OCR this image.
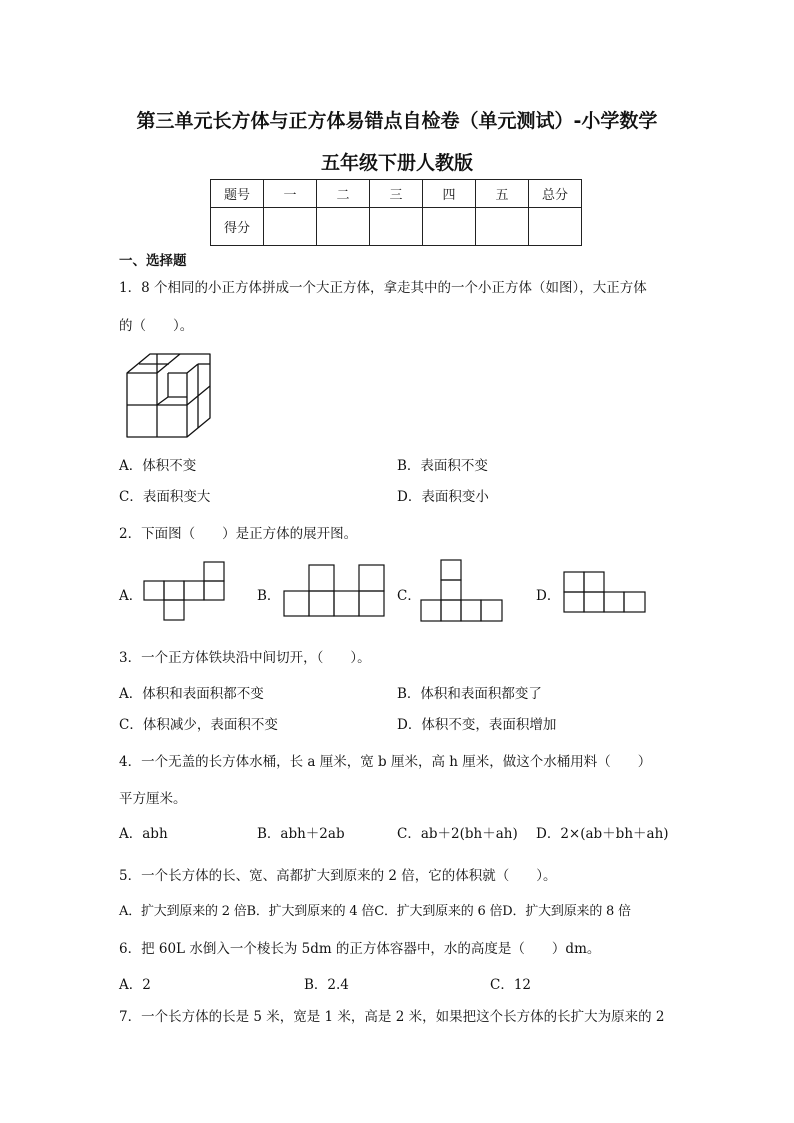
第三单元长方体与正方体易错点自检卷（单元测试）-小学数学
五年级下册人教版
题号	一	二	三	四	五	总分
得分						
一、选择题
1．8 个相同的小正方体拼成一个大正方体，拿走其中的一个小正方体（如图），大正方体
的（　　）。
A．体积不变	B．表面积不变
C．表面积变大	D．表面积变小
2．下面图（　　）是正方体的展开图。
A．	B．	C．	D．
3．一个正方体铁块沿中间切开，（　　）。
A．体积和表面积都不变	B．体积和表面积都变了
C．体积减少，表面积不变	D．体积不变，表面积增加
4．一个无盖的长方体水桶，长 a 厘米，宽 b 厘米，高 h 厘米，做这个水桶用料（　　）
平方厘米。
A．abh	B．abh＋2ab	C．ab＋2(bh＋ah) D．2×(ab＋bh＋ah)
5．一个长方体的长、宽、高都扩大到原来的 2 倍，它的体积就（　　）。
A．扩大到原来的 2 倍B．扩大到原来的 4 倍C．扩大到原来的 6 倍D．扩大到原来的 8 倍
6．把 60L 水倒入一个棱长为 5dm 的正方体容器中，水的高度是（　　）dm。
A．2	B．2.4	C．12
7．一个长方体的长是 5 米，宽是 1 米，高是 2 米，如果把这个长方体的长扩大为原来的 2
